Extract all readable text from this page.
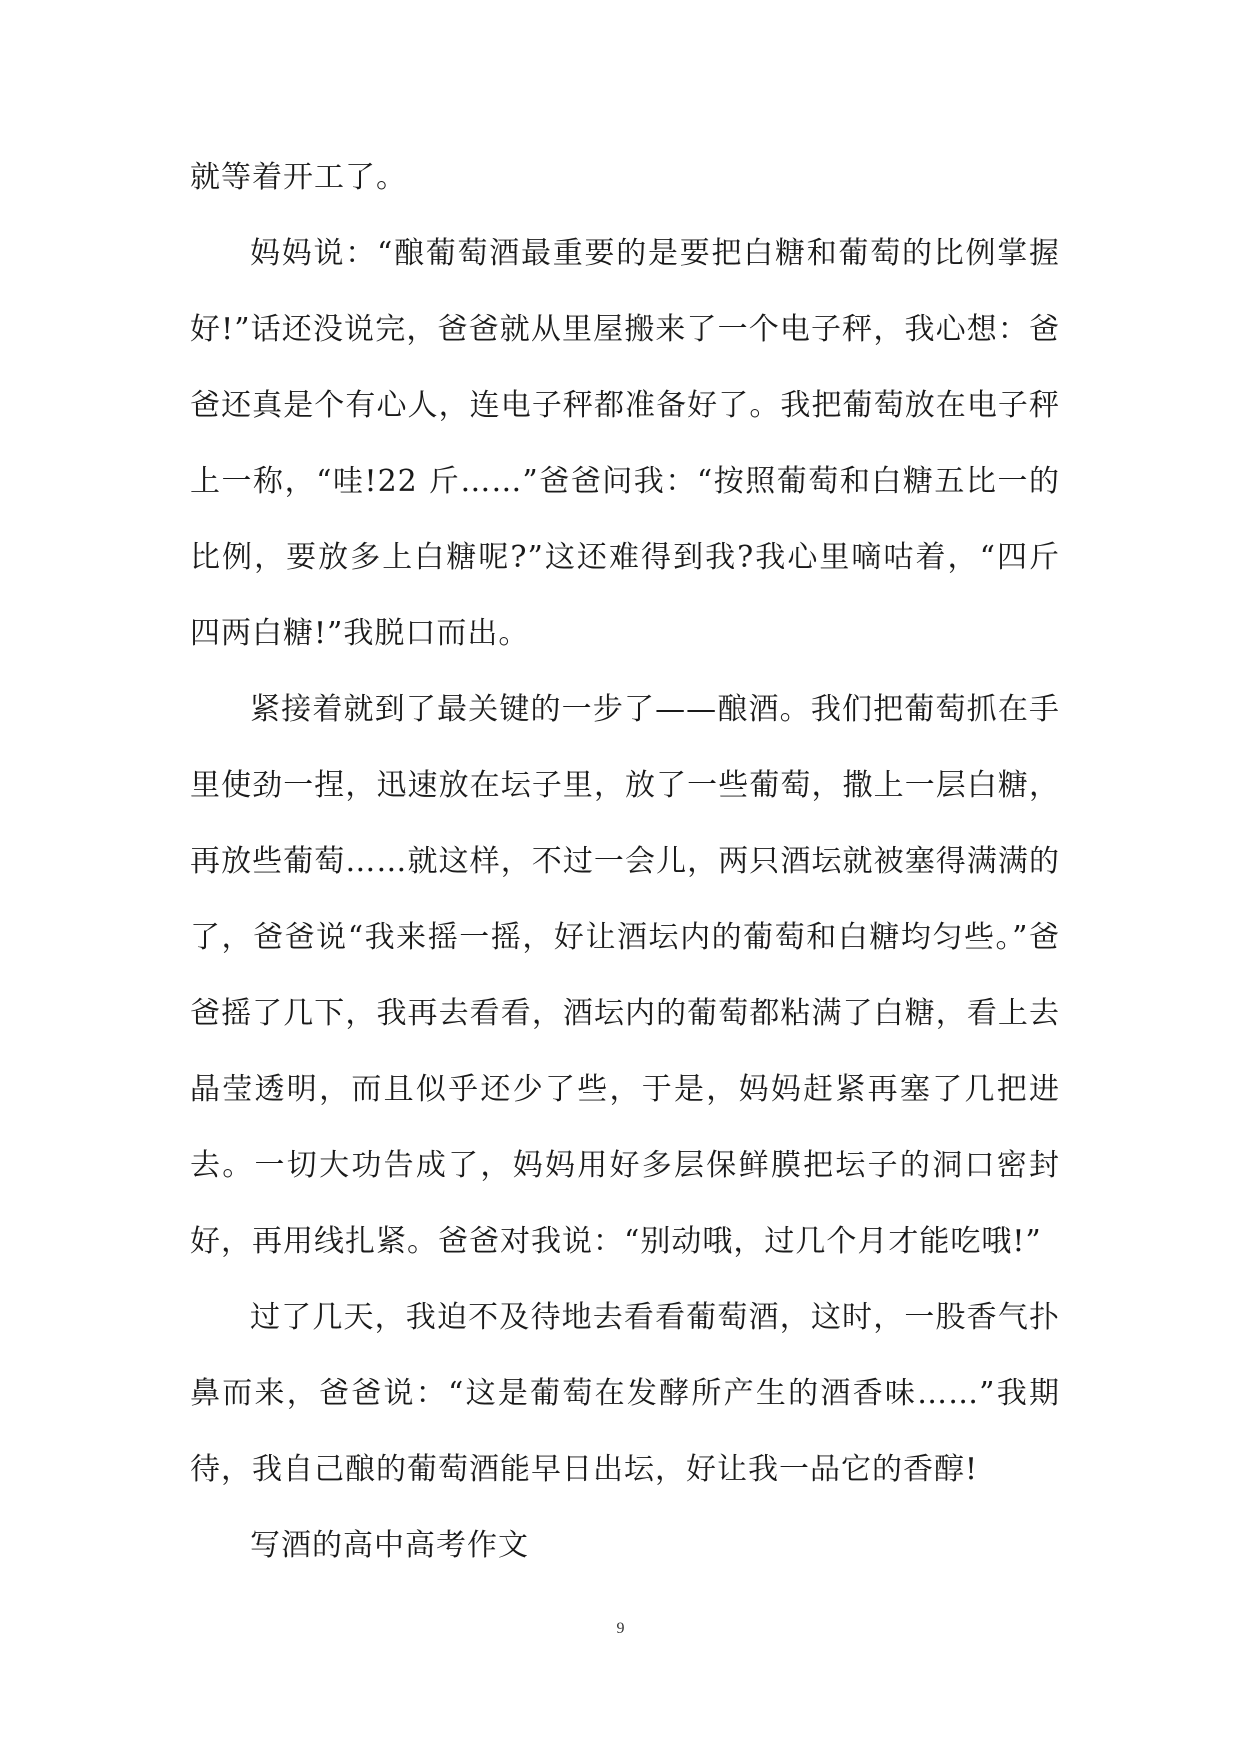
就等着开工了。

妈妈说：“酿葡萄酒最重要的是要把白糖和葡萄的比例掌握好!”话还没说完，爸爸就从里屋搬来了一个电子秤，我心想：爸爸还真是个有心人，连电子秤都准备好了。我把葡萄放在电子秤上一称，“哇!22 斤……”爸爸问我：“按照葡萄和白糖五比一的比例，要放多上白糖呢?”这还难得到我?我心里嘀咕着，“四斤四两白糖!”我脱口而出。

紧接着就到了最关键的一步了——酿酒。我们把葡萄抓在手里使劲一捏，迅速放在坛子里，放了一些葡萄，撒上一层白糖，再放些葡萄……就这样，不过一会儿，两只酒坛就被塞得满满的了，爸爸说“我来摇一摇，好让酒坛内的葡萄和白糖均匀些。”爸爸摇了几下，我再去看看，酒坛内的葡萄都粘满了白糖，看上去晶莹透明，而且似乎还少了些，于是，妈妈赶紧再塞了几把进去。一切大功告成了，妈妈用好多层保鲜膜把坛子的洞口密封好，再用线扎紧。爸爸对我说：“别动哦，过几个月才能吃哦!”

过了几天，我迫不及待地去看看葡萄酒，这时，一股香气扑鼻而来，爸爸说：“这是葡萄在发酵所产生的酒香味……”我期待，我自己酿的葡萄酒能早日出坛，好让我一品它的香醇!

写酒的高中高考作文

9
